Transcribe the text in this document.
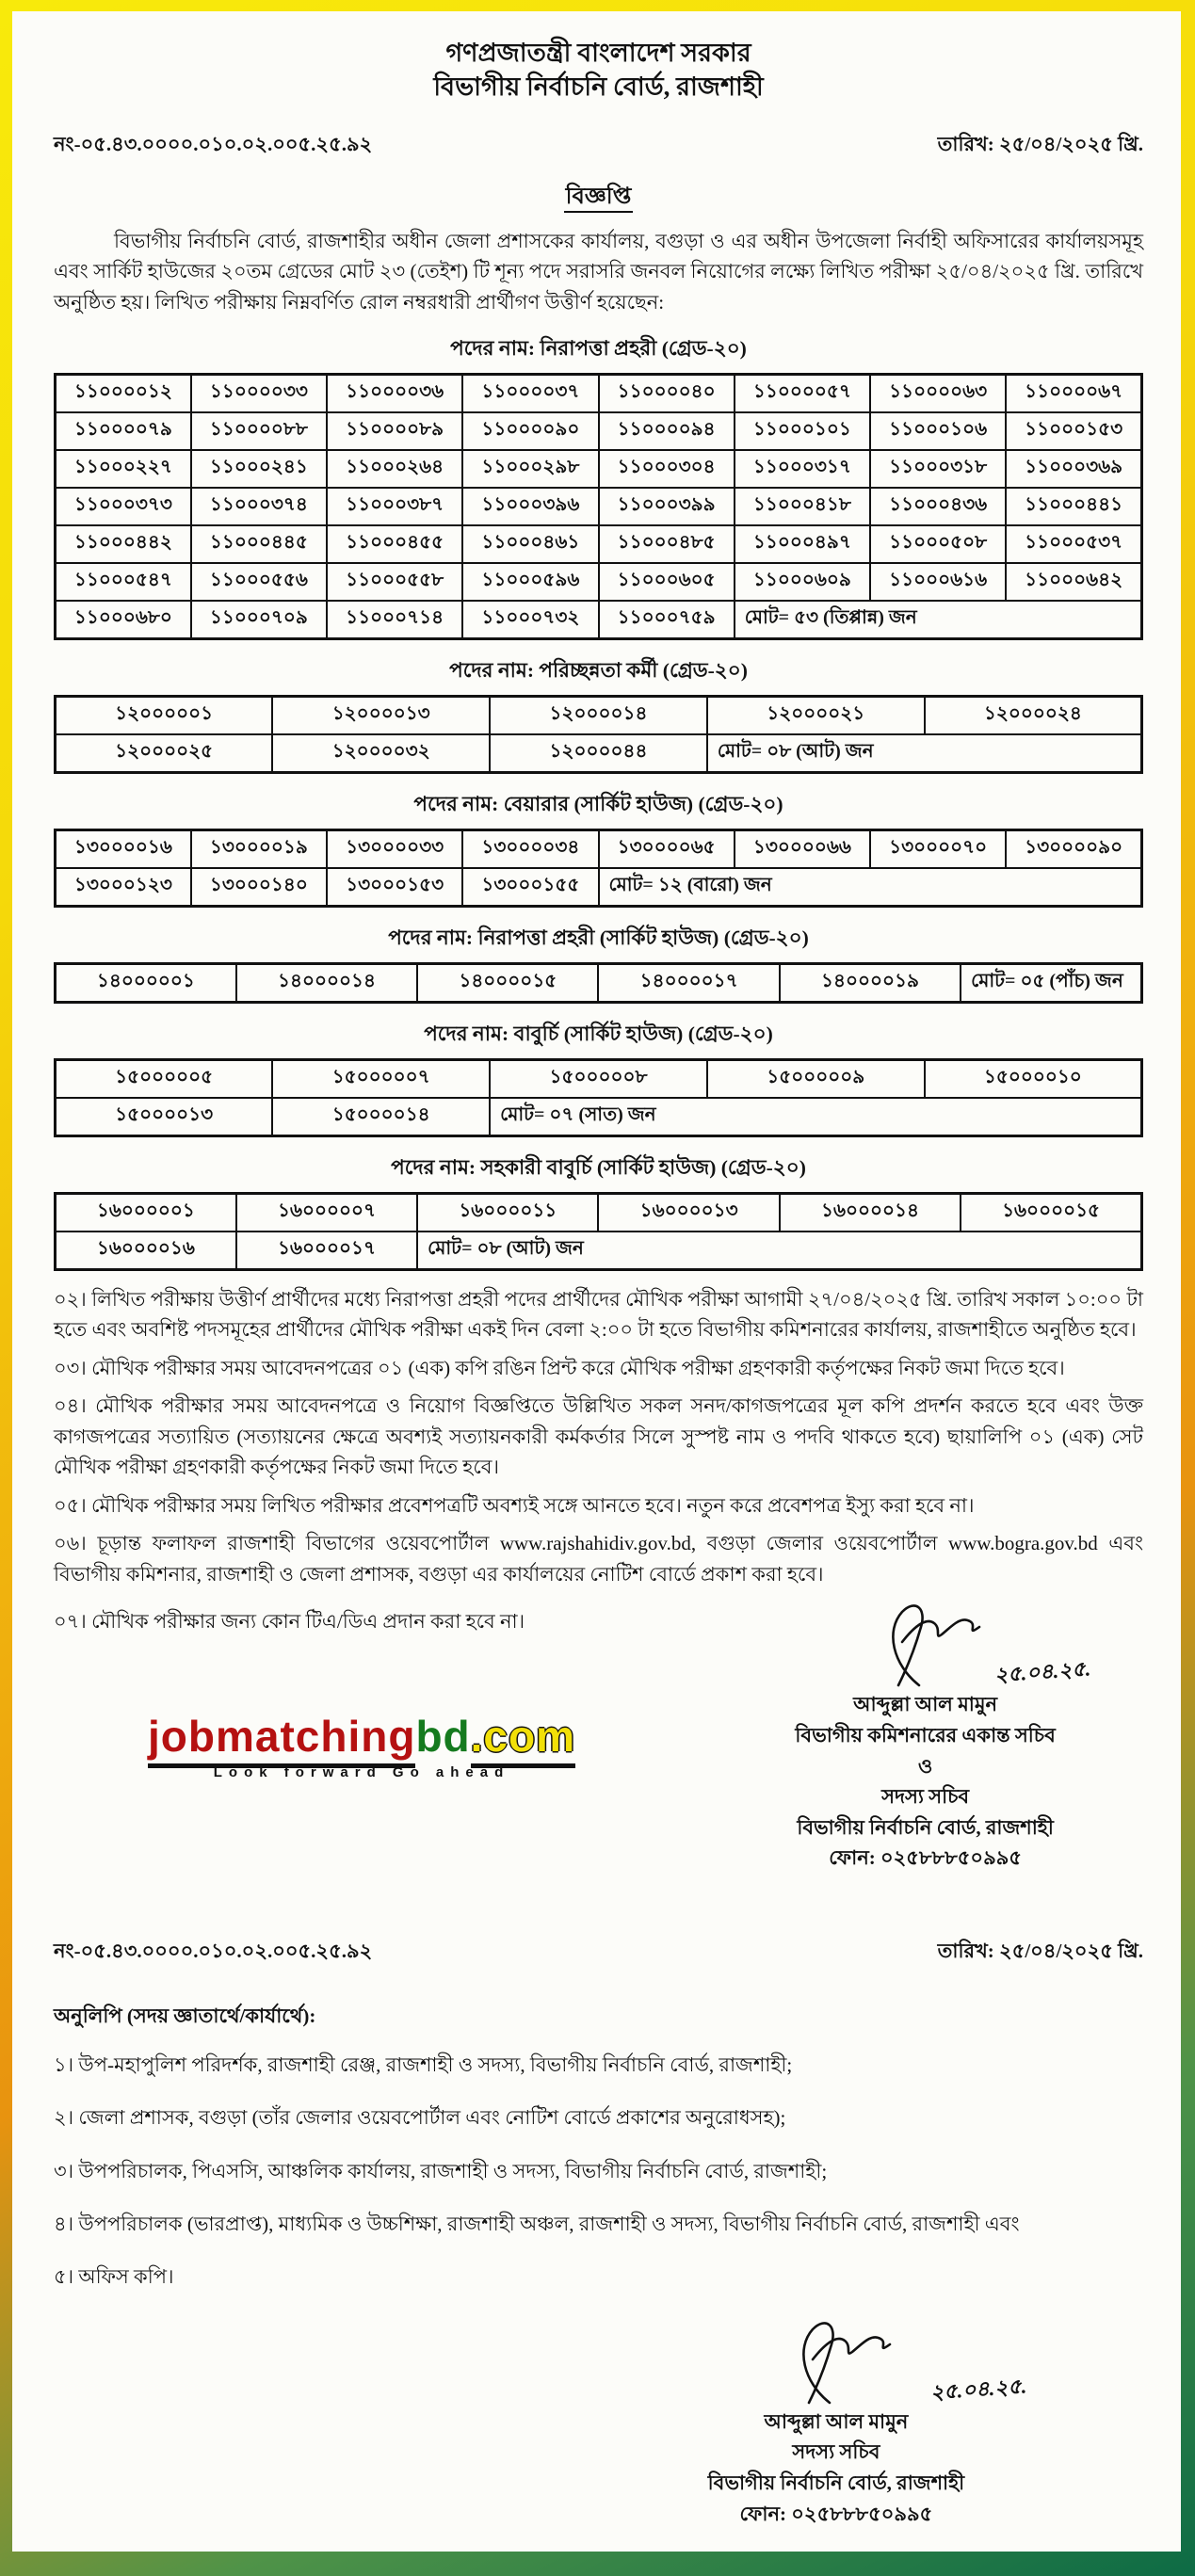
গণপ্রজাতন্ত্রী বাংলাদেশ সরকার
বিভাগীয় নির্বাচনি বোর্ড, রাজশাহী
নং-০৫.৪৩.০০০০.০১০.০২.০০৫.২৫.৯২	তারিখ: ২৫/০৪/২০২৫ খ্রি.
বিজ্ঞপ্তি

বিভাগীয় নির্বাচনি বোর্ড, রাজশাহীর অধীন জেলা প্রশাসকের কার্যালয়, বগুড়া ও এর অধীন উপজেলা নির্বাহী অফিসারের কার্যালয়সমূহ এবং সার্কিট হাউজের ২০তম গ্রেডের মোট ২৩ (তেইশ) টি শূন্য পদে সরাসরি জনবল নিয়োগের লক্ষ্যে লিখিত পরীক্ষা ২৫/০৪/২০২৫ খ্রি. তারিখে অনুষ্ঠিত হয়। লিখিত পরীক্ষায় নিম্নবর্ণিত রোল নম্বরধারী প্রার্থীগণ উত্তীর্ণ হয়েছেন:

পদের নাম: নিরাপত্তা প্রহরী (গ্রেড-২০)
১১০০০০১২	১১০০০০৩৩	১১০০০০৩৬	১১০০০০৩৭	১১০০০০৪০	১১০০০০৫৭	১১০০০০৬৩	১১০০০০৬৭
১১০০০০৭৯	১১০০০০৮৮	১১০০০০৮৯	১১০০০০৯০	১১০০০০৯৪	১১০০০১০১	১১০০০১০৬	১১০০০১৫৩
১১০০০২২৭	১১০০০২৪১	১১০০০২৬৪	১১০০০২৯৮	১১০০০৩০৪	১১০০০৩১৭	১১০০০৩১৮	১১০০০৩৬৯
১১০০০৩৭৩	১১০০০৩৭৪	১১০০০৩৮৭	১১০০০৩৯৬	১১০০০৩৯৯	১১০০০৪১৮	১১০০০৪৩৬	১১০০০৪৪১
১১০০০৪৪২	১১০০০৪৪৫	১১০০০৪৫৫	১১০০০৪৬১	১১০০০৪৮৫	১১০০০৪৯৭	১১০০০৫০৮	১১০০০৫৩৭
১১০০০৫৪৭	১১০০০৫৫৬	১১০০০৫৫৮	১১০০০৫৯৬	১১০০০৬০৫	১১০০০৬০৯	১১০০০৬১৬	১১০০০৬৪২
১১০০০৬৮০	১১০০০৭০৯	১১০০০৭১৪	১১০০০৭৩২	১১০০০৭৫৯	মোট= ৫৩ (তিপ্পান্ন) জন		
পদের নাম: পরিচ্ছন্নতা কর্মী (গ্রেড-২০)
১২০০০০০১	১২০০০০১৩	১২০০০০১৪	১২০০০০২১	১২০০০০২৪
১২০০০০২৫	১২০০০০৩২	১২০০০০৪৪	মোট= ০৮ (আট) জন	
পদের নাম: বেয়ারার (সার্কিট হাউজ) (গ্রেড-২০)
১৩০০০০১৬	১৩০০০০১৯	১৩০০০০৩৩	১৩০০০০৩৪	১৩০০০০৬৫	১৩০০০০৬৬	১৩০০০০৭০	১৩০০০০৯০
১৩০০০১২৩	১৩০০০১৪০	১৩০০০১৫৩	১৩০০০১৫৫	মোট= ১২ (বারো) জন			
পদের নাম: নিরাপত্তা প্রহরী (সার্কিট হাউজ) (গ্রেড-২০)
১৪০০০০০১	১৪০০০০১৪	১৪০০০০১৫	১৪০০০০১৭	১৪০০০০১৯	মোট= ০৫ (পাঁচ) জন
পদের নাম: বাবুর্চি (সার্কিট হাউজ) (গ্রেড-২০)
১৫০০০০০৫	১৫০০০০০৭	১৫০০০০০৮	১৫০০০০০৯	১৫০০০০১০
১৫০০০০১৩	১৫০০০০১৪	মোট= ০৭ (সাত) জন		
পদের নাম: সহকারী বাবুর্চি (সার্কিট হাউজ) (গ্রেড-২০)
১৬০০০০০১	১৬০০০০০৭	১৬০০০০১১	১৬০০০০১৩	১৬০০০০১৪	১৬০০০০১৫
১৬০০০০১৬	১৬০০০০১৭	মোট= ০৮ (আট) জন			

০২। লিখিত পরীক্ষায় উত্তীর্ণ প্রার্থীদের মধ্যে নিরাপত্তা প্রহরী পদের প্রার্থীদের মৌখিক পরীক্ষা আগামী ২৭/০৪/২০২৫ খ্রি. তারিখ সকাল ১০:০০ টা হতে এবং অবশিষ্ট পদসমূহের প্রার্থীদের মৌখিক পরীক্ষা একই দিন বেলা ২:০০ টা হতে বিভাগীয় কমিশনারের কার্যালয়, রাজশাহীতে অনুষ্ঠিত হবে।

০৩। মৌখিক পরীক্ষার সময় আবেদনপত্রের ০১ (এক) কপি রঙিন প্রিন্ট করে মৌখিক পরীক্ষা গ্রহণকারী কর্তৃপক্ষের নিকট জমা দিতে হবে।

০৪। মৌখিক পরীক্ষার সময় আবেদনপত্রে ও নিয়োগ বিজ্ঞপ্তিতে উল্লিখিত সকল সনদ/কাগজপত্রের মূল কপি প্রদর্শন করতে হবে এবং উক্ত কাগজপত্রের সত্যায়িত (সত্যায়নের ক্ষেত্রে অবশ্যই সত্যায়নকারী কর্মকর্তার সিলে সুস্পষ্ট নাম ও পদবি থাকতে হবে) ছায়ালিপি ০১ (এক) সেট মৌখিক পরীক্ষা গ্রহণকারী কর্তৃপক্ষের নিকট জমা দিতে হবে।

০৫। মৌখিক পরীক্ষার সময় লিখিত পরীক্ষার প্রবেশপত্রটি অবশ্যই সঙ্গে আনতে হবে। নতুন করে প্রবেশপত্র ইস্যু করা হবে না।

০৬। চূড়ান্ত ফলাফল রাজশাহী বিভাগের ওয়েবপোর্টাল www.rajshahidiv.gov.bd, বগুড়া জেলার ওয়েবপোর্টাল www.bogra.gov.bd এবং বিভাগীয় কমিশনার, রাজশাহী ও জেলা প্রশাসক, বগুড়া এর কার্যালয়ের নোটিশ বোর্ডে প্রকাশ করা হবে।

০৭। মৌখিক পরীক্ষার জন্য কোন টিএ/ডিএ প্রদান করা হবে না।

jobmatchingbd.com
Look forward Go ahead
২৫.০৪.২৫.
আব্দুল্লা আল মামুন
বিভাগীয় কমিশনারের একান্ত সচিব
ও
সদস্য সচিব
বিভাগীয় নির্বাচনি বোর্ড, রাজশাহী
ফোন: ০২৫৮৮৮৫০৯৯৫
নং-০৫.৪৩.০০০০.০১০.০২.০০৫.২৫.৯২	তারিখ: ২৫/০৪/২০২৫ খ্রি.
অনুলিপি (সদয় জ্ঞাতার্থে/কার্যার্থে):
১। উপ-মহাপুলিশ পরিদর্শক, রাজশাহী রেঞ্জ, রাজশাহী ও সদস্য, বিভাগীয় নির্বাচনি বোর্ড, রাজশাহী;
২। জেলা প্রশাসক, বগুড়া (তাঁর জেলার ওয়েবপোর্টাল এবং নোটিশ বোর্ডে প্রকাশের অনুরোধসহ);
৩। উপপরিচালক, পিএসসি, আঞ্চলিক কার্যালয়, রাজশাহী ও সদস্য, বিভাগীয় নির্বাচনি বোর্ড, রাজশাহী;
৪। উপপরিচালক (ভারপ্রাপ্ত), মাধ্যমিক ও উচ্চশিক্ষা, রাজশাহী অঞ্চল, রাজশাহী ও সদস্য, বিভাগীয় নির্বাচনি বোর্ড, রাজশাহী এবং
৫। অফিস কপি।
২৫.০৪.২৫.
আব্দুল্লা আল মামুন
সদস্য সচিব
বিভাগীয় নির্বাচনি বোর্ড, রাজশাহী
ফোন: ০২৫৮৮৮৫০৯৯৫
